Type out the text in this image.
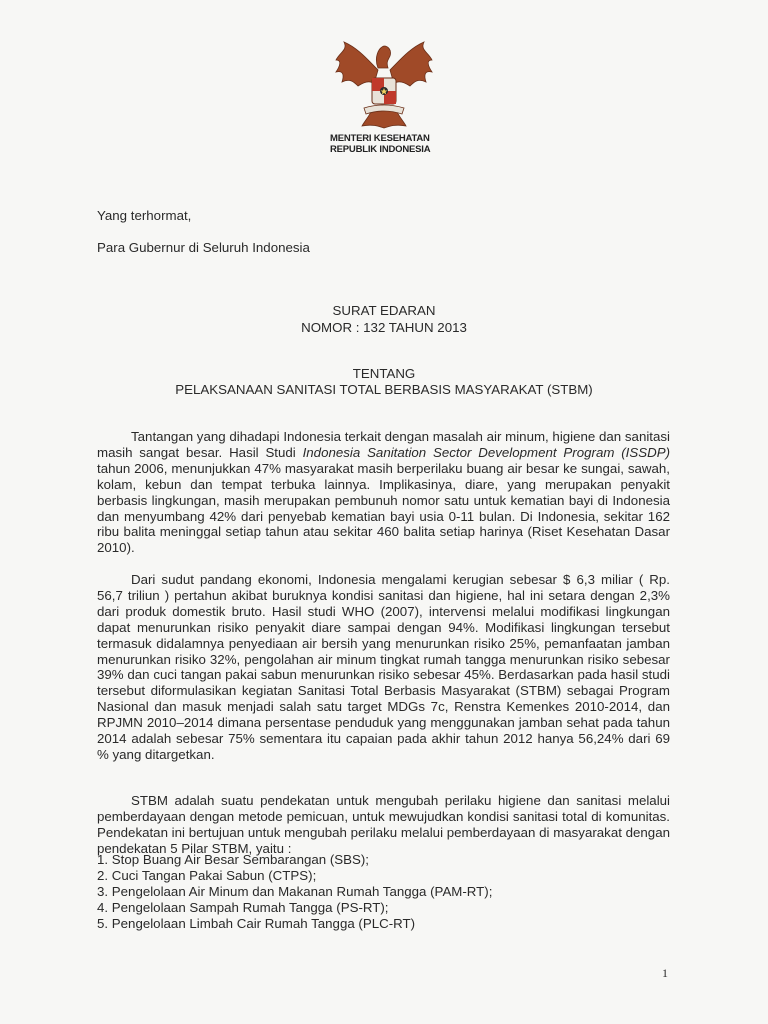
MENTERI KESEHATAN
REPUBLIK INDONESIA
Yang terhormat,
Para Gubernur di Seluruh Indonesia
SURAT EDARAN
NOMOR : 132 TAHUN 2013
TENTANG
PELAKSANAAN SANITASI TOTAL BERBASIS MASYARAKAT (STBM)
Tantangan yang dihadapi Indonesia terkait dengan masalah air minum, higiene dan sanitasi masih sangat besar. Hasil Studi Indonesia Sanitation Sector Development Program (ISSDP) tahun 2006, menunjukkan 47% masyarakat masih berperilaku buang air besar ke sungai, sawah, kolam, kebun dan tempat terbuka lainnya. Implikasinya, diare, yang merupakan penyakit berbasis lingkungan, masih merupakan pembunuh nomor satu untuk kematian bayi di Indonesia dan menyumbang 42% dari penyebab kematian bayi usia 0-11 bulan. Di Indonesia, sekitar 162 ribu balita meninggal setiap tahun atau sekitar 460 balita setiap harinya (Riset Kesehatan Dasar 2010).
Dari sudut pandang ekonomi, Indonesia mengalami kerugian sebesar $ 6,3 miliar ( Rp. 56,7 triliun ) pertahun akibat buruknya kondisi sanitasi dan higiene, hal ini setara dengan 2,3% dari produk domestik bruto. Hasil studi WHO (2007), intervensi melalui modifikasi lingkungan dapat menurunkan risiko penyakit diare sampai dengan 94%. Modifikasi lingkungan tersebut termasuk didalamnya penyediaan air bersih yang menurunkan risiko 25%, pemanfaatan jamban menurunkan risiko 32%, pengolahan air minum tingkat rumah tangga menurunkan risiko sebesar 39% dan cuci tangan pakai sabun menurunkan risiko sebesar 45%. Berdasarkan pada hasil studi tersebut diformulasikan kegiatan Sanitasi Total Berbasis Masyarakat (STBM) sebagai Program Nasional dan masuk menjadi salah satu target MDGs 7c, Renstra Kemenkes 2010-2014, dan RPJMN 2010–2014 dimana persentase penduduk yang menggunakan jamban sehat pada tahun 2014 adalah sebesar 75% sementara itu capaian pada akhir tahun 2012 hanya 56,24% dari 69 % yang ditargetkan.
STBM adalah suatu pendekatan untuk mengubah perilaku higiene dan sanitasi melalui pemberdayaan dengan metode pemicuan, untuk mewujudkan kondisi sanitasi total di komunitas. Pendekatan ini bertujuan untuk mengubah perilaku melalui pemberdayaan di masyarakat dengan pendekatan 5 Pilar STBM, yaitu :
1. Stop Buang Air Besar Sembarangan (SBS);
2. Cuci Tangan Pakai Sabun (CTPS);
3. Pengelolaan Air Minum dan Makanan Rumah Tangga (PAM-RT);
4. Pengelolaan Sampah Rumah Tangga (PS-RT);
5. Pengelolaan Limbah Cair Rumah Tangga (PLC-RT)
1
